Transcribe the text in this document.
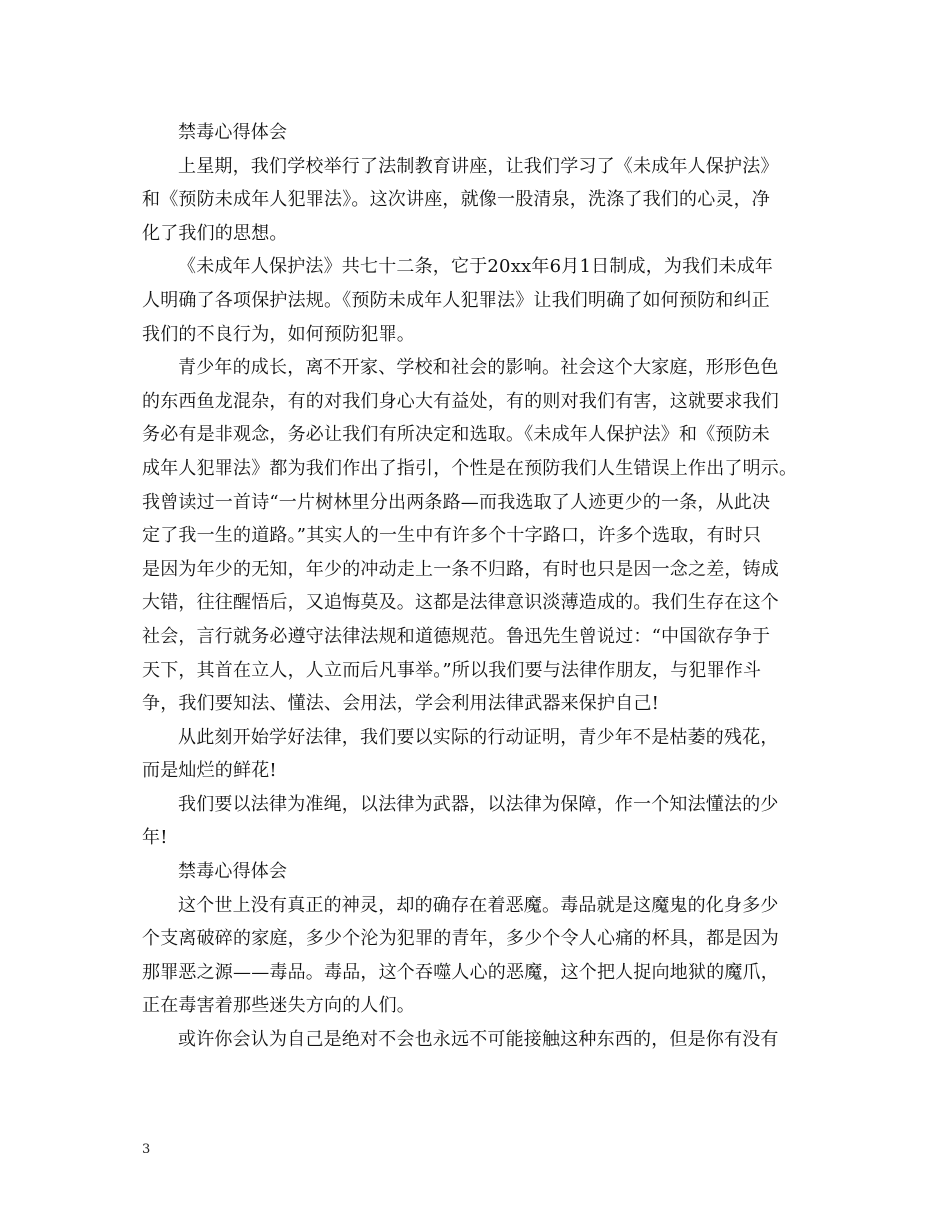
禁毒心得体会
上星期，我们学校举行了法制教育讲座，让我们学习了《未成年人保护法》
和《预防未成年人犯罪法》。这次讲座，就像一股清泉，洗涤了我们的心灵，净
化了我们的思想。
《未成年人保护法》共七十二条，它于20xx年6月1日制成，为我们未成年
人明确了各项保护法规。《预防未成年人犯罪法》让我们明确了如何预防和纠正
我们的不良行为，如何预防犯罪。
青少年的成长，离不开家、学校和社会的影响。社会这个大家庭，形形色色
的东西鱼龙混杂，有的对我们身心大有益处，有的则对我们有害，这就要求我们
务必有是非观念，务必让我们有所决定和选取。《未成年人保护法》和《预防未
成年人犯罪法》都为我们作出了指引，个性是在预防我们人生错误上作出了明示。
我曾读过一首诗“一片树林里分出两条路—而我选取了人迹更少的一条，从此决
定了我一生的道路。”其实人的一生中有许多个十字路口，许多个选取，有时只
是因为年少的无知，年少的冲动走上一条不归路，有时也只是因一念之差，铸成
大错，往往醒悟后，又追悔莫及。这都是法律意识淡薄造成的。我们生存在这个
社会，言行就务必遵守法律法规和道德规范。鲁迅先生曾说过：“中国欲存争于
天下，其首在立人，人立而后凡事举。”所以我们要与法律作朋友，与犯罪作斗
争，我们要知法、懂法、会用法，学会利用法律武器来保护自己!
从此刻开始学好法律，我们要以实际的行动证明，青少年不是枯萎的残花，
而是灿烂的鲜花!
我们要以法律为准绳，以法律为武器，以法律为保障，作一个知法懂法的少
年!
禁毒心得体会
这个世上没有真正的神灵，却的确存在着恶魔。毒品就是这魔鬼的化身多少
个支离破碎的家庭，多少个沦为犯罪的青年，多少个令人心痛的杯具，都是因为
那罪恶之源——毒品。毒品，这个吞噬人心的恶魔，这个把人捉向地狱的魔爪，
正在毒害着那些迷失方向的人们。
或许你会认为自己是绝对不会也永远不可能接触这种东西的，但是你有没有
3
